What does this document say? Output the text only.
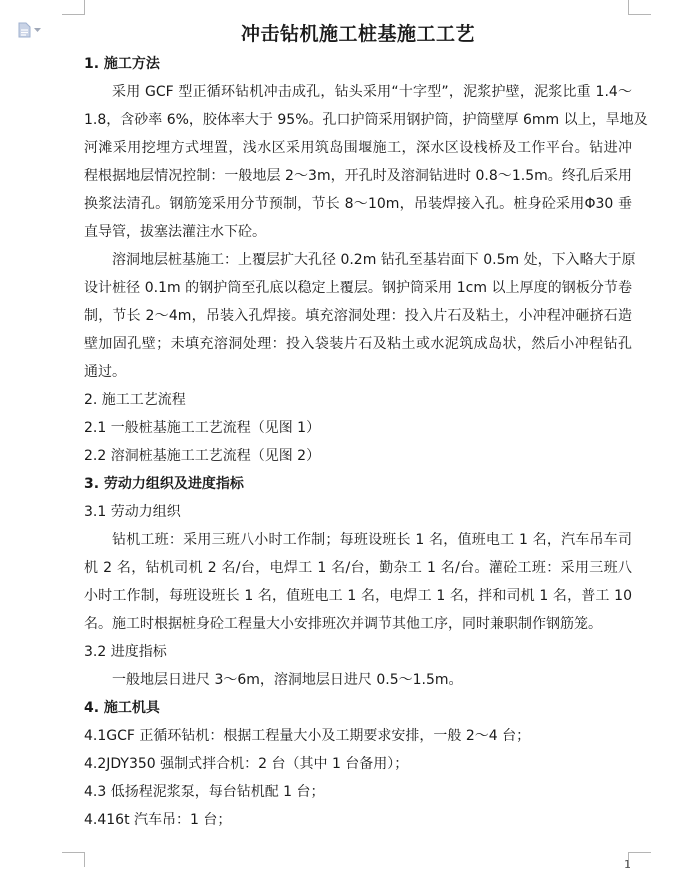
冲击钻机施工桩基施工工艺
1. 施工方法
采用 GCF 型正循环钻机冲击成孔，钻头采用“十字型”，泥浆护壁，泥浆比重 1.4～
1.8，含砂率 6%，胶体率大于 95%。孔口护筒采用钢护筒，护筒壁厚 6mm 以上，旱地及
河滩采用挖埋方式埋置，浅水区采用筑岛围堰施工，深水区设栈桥及工作平台。钻进冲
程根据地层情况控制：一般地层 2～3m，开孔时及溶洞钻进时 0.8～1.5m。终孔后采用
换浆法清孔。钢筋笼采用分节预制，节长 8～10m，吊装焊接入孔。桩身砼采用Φ30 垂
直导管，拔塞法灌注水下砼。
溶洞地层桩基施工：上覆层扩大孔径 0.2m 钻孔至基岩面下 0.5m 处，下入略大于原
设计桩径 0.1m 的钢护筒至孔底以稳定上覆层。钢护筒采用 1cm 以上厚度的钢板分节卷
制，节长 2～4m，吊装入孔焊接。填充溶洞处理：投入片石及粘土，小冲程冲砸挤石造
壁加固孔壁；未填充溶洞处理：投入袋装片石及粘土或水泥筑成岛状，然后小冲程钻孔
通过。
2. 施工工艺流程
2.1 一般桩基施工工艺流程（见图 1）
2.2 溶洞桩基施工工艺流程（见图 2）
3. 劳动力组织及进度指标
3.1 劳动力组织
钻机工班：采用三班八小时工作制；每班设班长 1 名，值班电工 1 名，汽车吊车司
机 2 名，钻机司机 2 名/台，电焊工 1 名/台，勤杂工 1 名/台。灌砼工班：采用三班八
小时工作制，每班设班长 1 名，值班电工 1 名，电焊工 1 名，拌和司机 1 名，普工 10
名。施工时根据桩身砼工程量大小安排班次并调节其他工序，同时兼职制作钢筋笼。
3.2 进度指标
一般地层日进尺 3～6m，溶洞地层日进尺 0.5～1.5m。
4. 施工机具
4.1GCF 正循环钻机：根据工程量大小及工期要求安排，一般 2～4 台；
4.2JDY350 强制式拌合机：2 台（其中 1 台备用）；
4.3 低扬程泥浆泵，每台钻机配 1 台；
4.416t 汽车吊：1 台；
1
